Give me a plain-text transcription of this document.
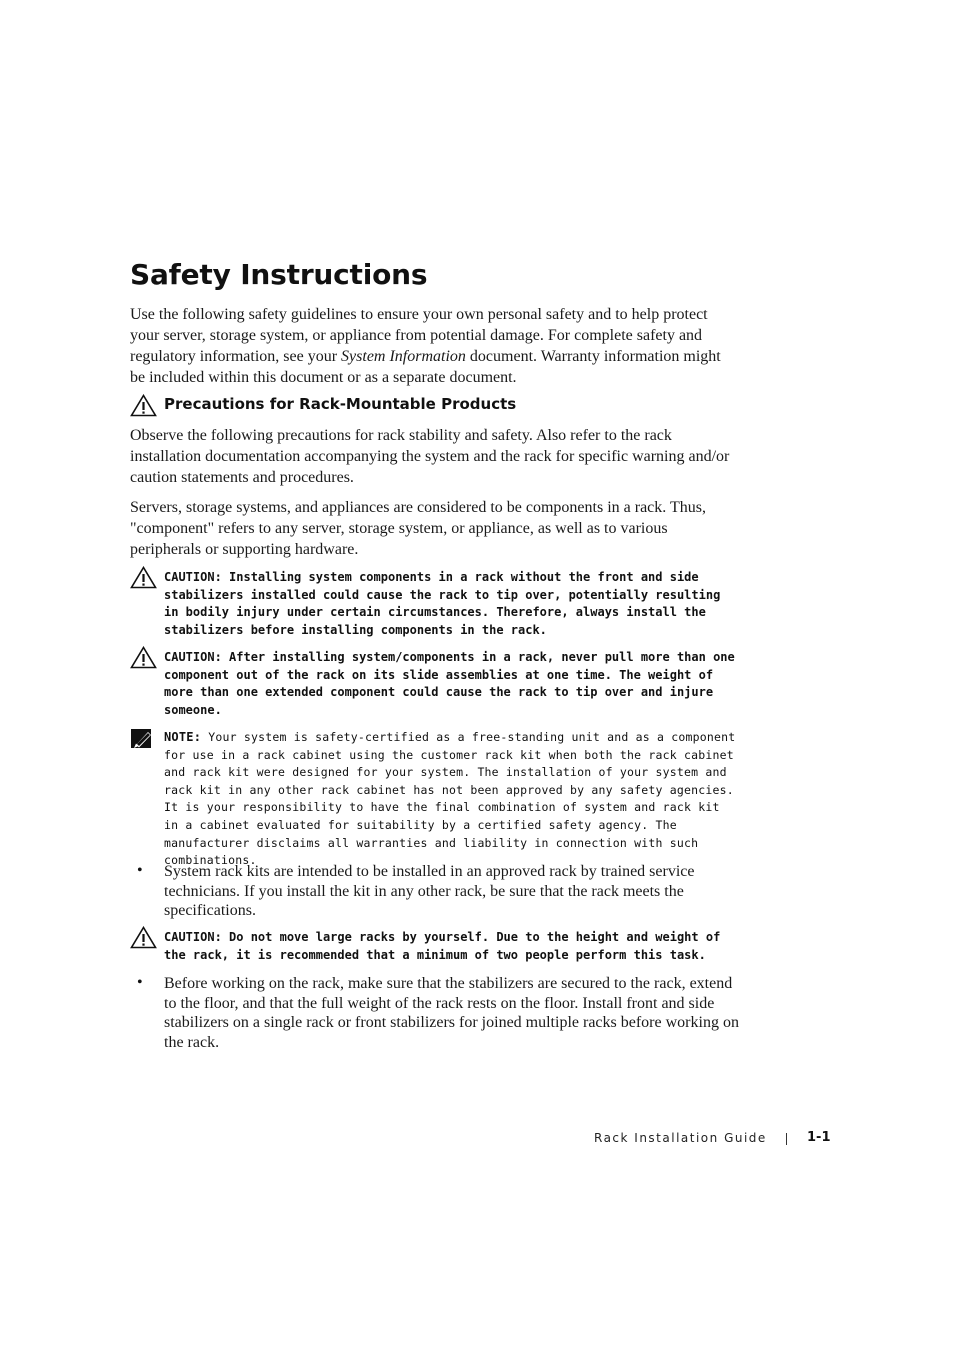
Safety Instructions

Use the following safety guidelines to ensure your own personal safety and to help protect your server, storage system, or appliance from potential damage. For complete safety and regulatory information, see your System Information document. Warranty information might be included within this document or as a separate document.

Precautions for Rack-Mountable Products

Observe the following precautions for rack stability and safety. Also refer to the rack installation documentation accompanying the system and the rack for specific warning and/or caution statements and procedures.

Servers, storage systems, and appliances are considered to be components in a rack. Thus, "component" refers to any server, storage system, or appliance, as well as to various peripherals or supporting hardware.

CAUTION: Installing system components in a rack without the front and side stabilizers installed could cause the rack to tip over, potentially resulting in bodily injury under certain circumstances. Therefore, always install the stabilizers before installing components in the rack.

CAUTION: After installing system/components in a rack, never pull more than one component out of the rack on its slide assemblies at one time. The weight of more than one extended component could cause the rack to tip over and injure someone.

NOTE: Your system is safety-certified as a free-standing unit and as a component for use in a rack cabinet using the customer rack kit when both the rack cabinet and rack kit were designed for your system. The installation of your system and rack kit in any other rack cabinet has not been approved by any safety agencies. It is your responsibility to have the final combination of system and rack kit in a cabinet evaluated for suitability by a certified safety agency. The manufacturer disclaims all warranties and liability in connection with such combinations.

• System rack kits are intended to be installed in an approved rack by trained service technicians. If you install the kit in any other rack, be sure that the rack meets the specifications.

CAUTION: Do not move large racks by yourself. Due to the height and weight of the rack, it is recommended that a minimum of two people perform this task.

• Before working on the rack, make sure that the stabilizers are secured to the rack, extend to the floor, and that the full weight of the rack rests on the floor. Install front and side stabilizers on a single rack or front stabilizers for joined multiple racks before working on the rack.

Rack Installation Guide	1-1
